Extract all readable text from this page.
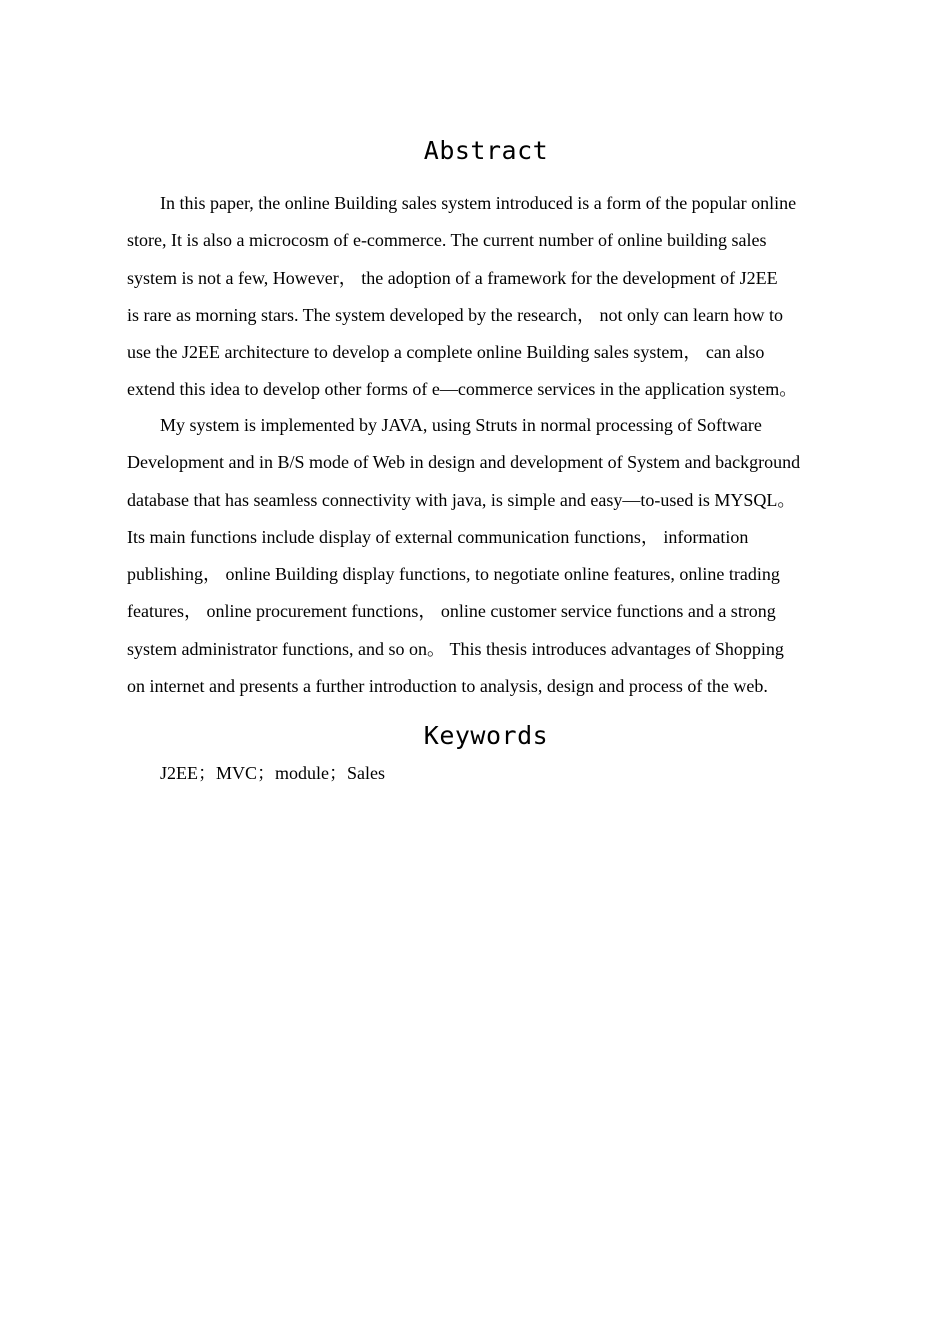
Abstract
In this paper, the online Building sales system introduced is a form of the popular online
store, It is also a microcosm of e-commerce. The current number of online building sales
system is not a few, However， the adoption of a framework for the development of J2EE
is rare as morning stars. The system developed by the research， not only can learn how to
use the J2EE architecture to develop a complete online Building sales system， can also
extend this idea to develop other forms of e—commerce services in the application system。
My system is implemented by JAVA, using Struts in normal processing of Software
Development and in B/S mode of Web in design and development of System and background
database that has seamless connectivity with java, is simple and easy—to-used is MYSQL。
Its main functions include display of external communication functions， information
publishing， online Building display functions, to negotiate online features, online trading
features， online procurement functions， online customer service functions and a strong
system administrator functions, and so on。 This thesis introduces advantages of Shopping
on internet and presents a further introduction to analysis, design and process of the web.
Keywords
J2EE；MVC；module；Sales
